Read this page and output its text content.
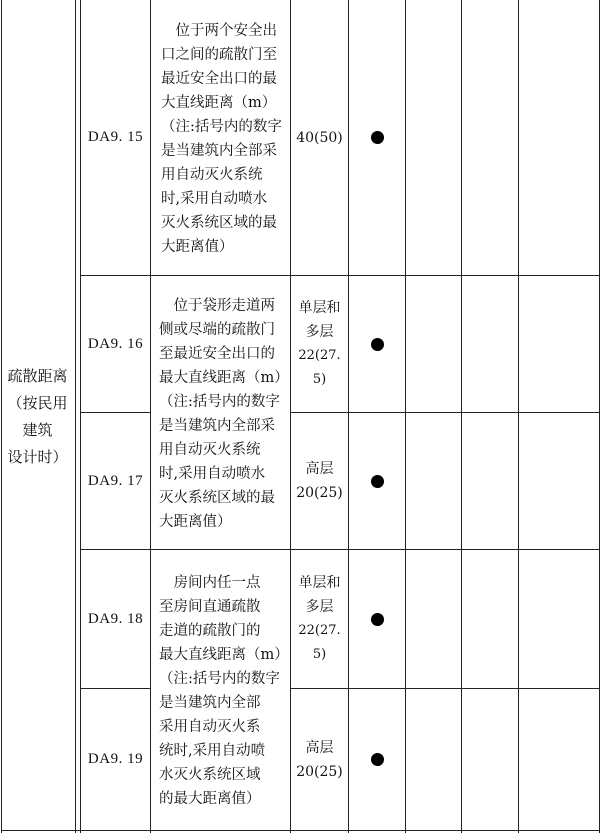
疏散距离
（按民用
建筑
设计时）
DA9. 15

位于两个安全出

口之间的疏散门至

最近安全出口的最

大直线距离（m）

（注:括号内的数字

是当建筑内全部采

用自动灭火系统

时,采用自动喷水

灭火系统区域的最

大距离值）

40(50)
DA9. 16
单层和
多层
22(27. 5)

位于袋形走道两

侧或尽端的疏散门

至最近安全出口的

最大直线距离（m）

（注:括号内的数字

是当建筑内全部采

用自动灭火系统

时,采用自动喷水

灭火系统区域的最

大距离值）

DA9. 17
高层
20(25)
DA9. 18
单层和
多层
22(27. 5)

房间内任一点

至房间直通疏散

走道的疏散门的

最大直线距离（m）

（注:括号内的数字

是当建筑内全部

采用自动灭火系

统时,采用自动喷

水灭火系统区域

的最大距离值）

DA9. 19
高层
20(25)
